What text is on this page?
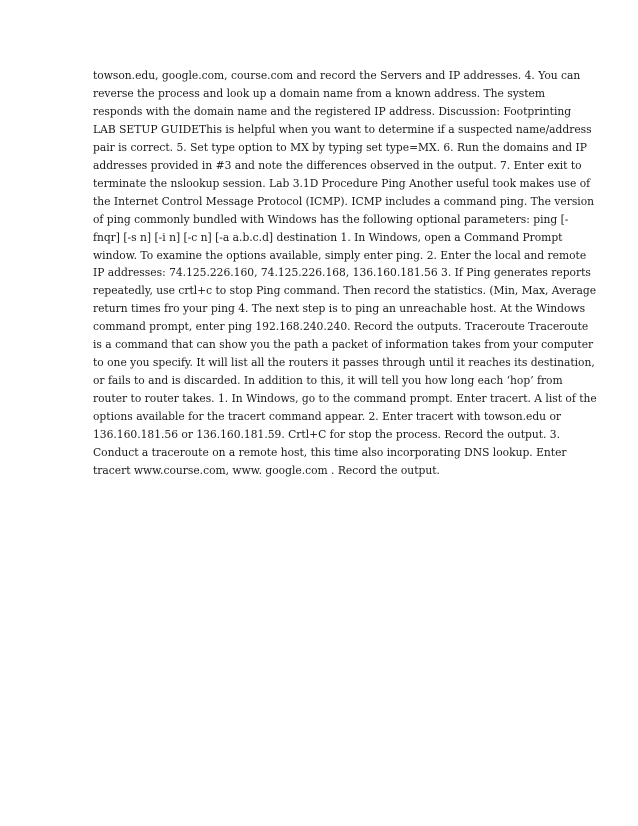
towson.edu, google.com, course.com and record the Servers and IP addresses. 4. You can
reverse the process and look up a domain name from a known address. The system
responds with the domain name and the registered IP address. Discussion: Footprinting
LAB SETUP GUIDEThis is helpful when you want to determine if a suspected name/address
pair is correct. 5. Set type option to MX by typing set type=MX. 6. Run the domains and IP
addresses provided in #3 and note the differences observed in the output. 7. Enter exit to
terminate the nslookup session. Lab 3.1D Procedure Ping Another useful took makes use of
the Internet Control Message Protocol (ICMP). ICMP includes a command ping. The version
of ping commonly bundled with Windows has the following optional parameters: ping [-
fnqr] [-s n] [-i n] [-c n] [-a a.b.c.d] destination 1. In Windows, open a Command Prompt
window. To examine the options available, simply enter ping. 2. Enter the local and remote
IP addresses: 74.125.226.160, 74.125.226.168, 136.160.181.56 3. If Ping generates reports
repeatedly, use crtl+c to stop Ping command. Then record the statistics. (Min, Max, Average
return times fro your ping 4. The next step is to ping an unreachable host. At the Windows
command prompt, enter ping 192.168.240.240. Record the outputs. Traceroute Traceroute
is a command that can show you the path a packet of information takes from your computer
to one you specify. It will list all the routers it passes through until it reaches its destination,
or fails to and is discarded. In addition to this, it will tell you how long each ‘hop’ from
router to router takes. 1. In Windows, go to the command prompt. Enter tracert. A list of the
options available for the tracert command appear. 2. Enter tracert with towson.edu or
136.160.181.56 or 136.160.181.59. Crtl+C for stop the process. Record the output. 3.
Conduct a traceroute on a remote host, this time also incorporating DNS lookup. Enter
tracert www.course.com, www. google.com . Record the output.
